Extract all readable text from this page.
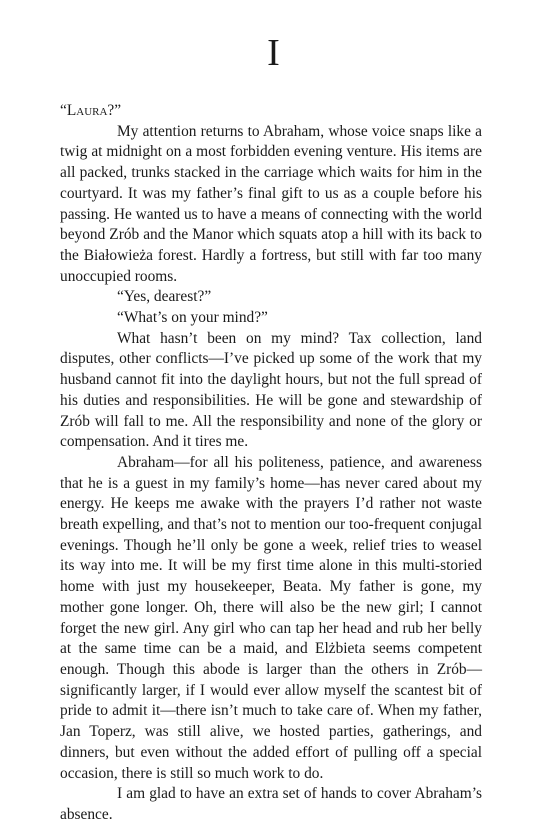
I

“Laura?”

My attention returns to Abraham, whose voice snaps like a twig at midnight on a most forbidden evening venture. His items are all packed, trunks stacked in the carriage which waits for him in the courtyard. It was my father’s final gift to us as a couple before his passing. He wanted us to have a means of connecting with the world beyond Zrób and the Manor which squats atop a hill with its back to the Białowieża forest. Hardly a fortress, but still with far too many unoccupied rooms.

“Yes, dearest?”

“What’s on your mind?”

What hasn’t been on my mind? Tax collection, land disputes, other conflicts—I’ve picked up some of the work that my husband cannot fit into the daylight hours, but not the full spread of his duties and responsibilities. He will be gone and stewardship of Zrób will fall to me. All the responsibility and none of the glory or compensation. And it tires me.

Abraham—for all his politeness, patience, and awareness that he is a guest in my family’s home—has never cared about my energy. He keeps me awake with the prayers I’d rather not waste breath expelling, and that’s not to mention our too-frequent conjugal evenings. Though he’ll only be gone a week, relief tries to weasel its way into me. It will be my first time alone in this multi-storied home with just my housekeeper, Beata. My father is gone, my mother gone longer. Oh, there will also be the new girl; I cannot forget the new girl. Any girl who can tap her head and rub her belly at the same time can be a maid, and Elżbieta seems competent enough. Though this abode is larger than the others in Zrób—significantly larger, if I would ever allow myself the scantest bit of pride to admit it—there isn’t much to take care of. When my father, Jan Toperz, was still alive, we hosted parties, gatherings, and dinners, but even without the added effort of pulling off a special occasion, there is still so much work to do.

I am glad to have an extra set of hands to cover Abraham’s absence.
